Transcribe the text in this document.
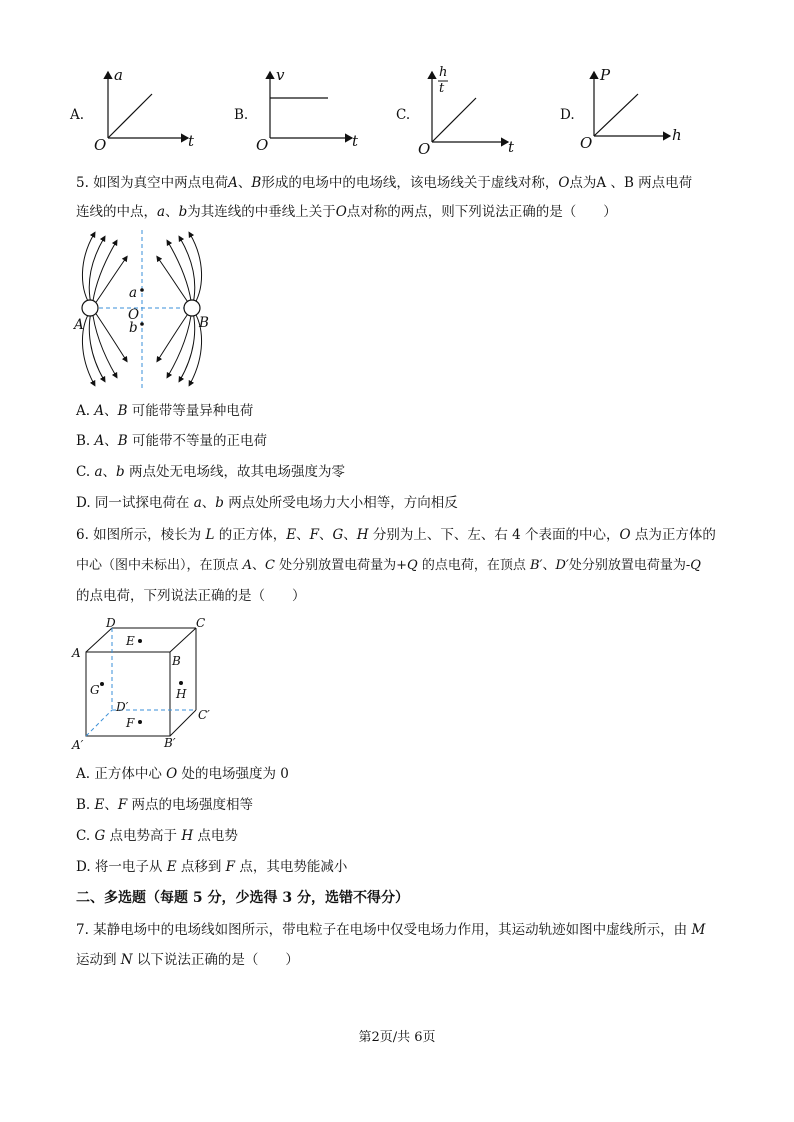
A.
a
t
O
B.
v
t
O
C.
h
t
t
O
D.
P
h
O
5. 如图为真空中两点电荷A、B形成的电场中的电场线，该电场线关于虚线对称，O点为A 、B 两点电荷
连线的中点，a、b为其连线的中垂线上关于O点对称的两点，则下列说法正确的是（　　）
A	B
a
O
b
A. A、B 可能带等量异种电荷
B. A、B 可能带不等量的正电荷
C. a、b 两点处无电场线，故其电场强度为零
D. 同一试探电荷在 a、b 两点处所受电场力大小相等，方向相反
6. 如图所示，棱长为 L 的正方体，E、F、G、H 分别为上、下、左、右 4 个表面的中心，O 点为正方体的
中心（图中未标出），在顶点 A、C 处分别放置电荷量为+Q 的点电荷，在顶点 B′、D′处分别放置电荷量为-Q
的点电荷，下列说法正确的是（　　）
D	C
A
B
E
G	H
D′
C′
F
A′	B′
A. 正方体中心 O 处的电场强度为 0
B. E、F 两点的电场强度相等
C. G 点电势高于 H 点电势
D. 将一电子从 E 点移到 F 点，其电势能减小
二、多选题（每题 5 分，少选得 3 分，选错不得分）
7. 某静电场中的电场线如图所示，带电粒子在电场中仅受电场力作用，其运动轨迹如图中虚线所示，由 M
运动到 N 以下说法正确的是（　　）
第2页/共 6页
